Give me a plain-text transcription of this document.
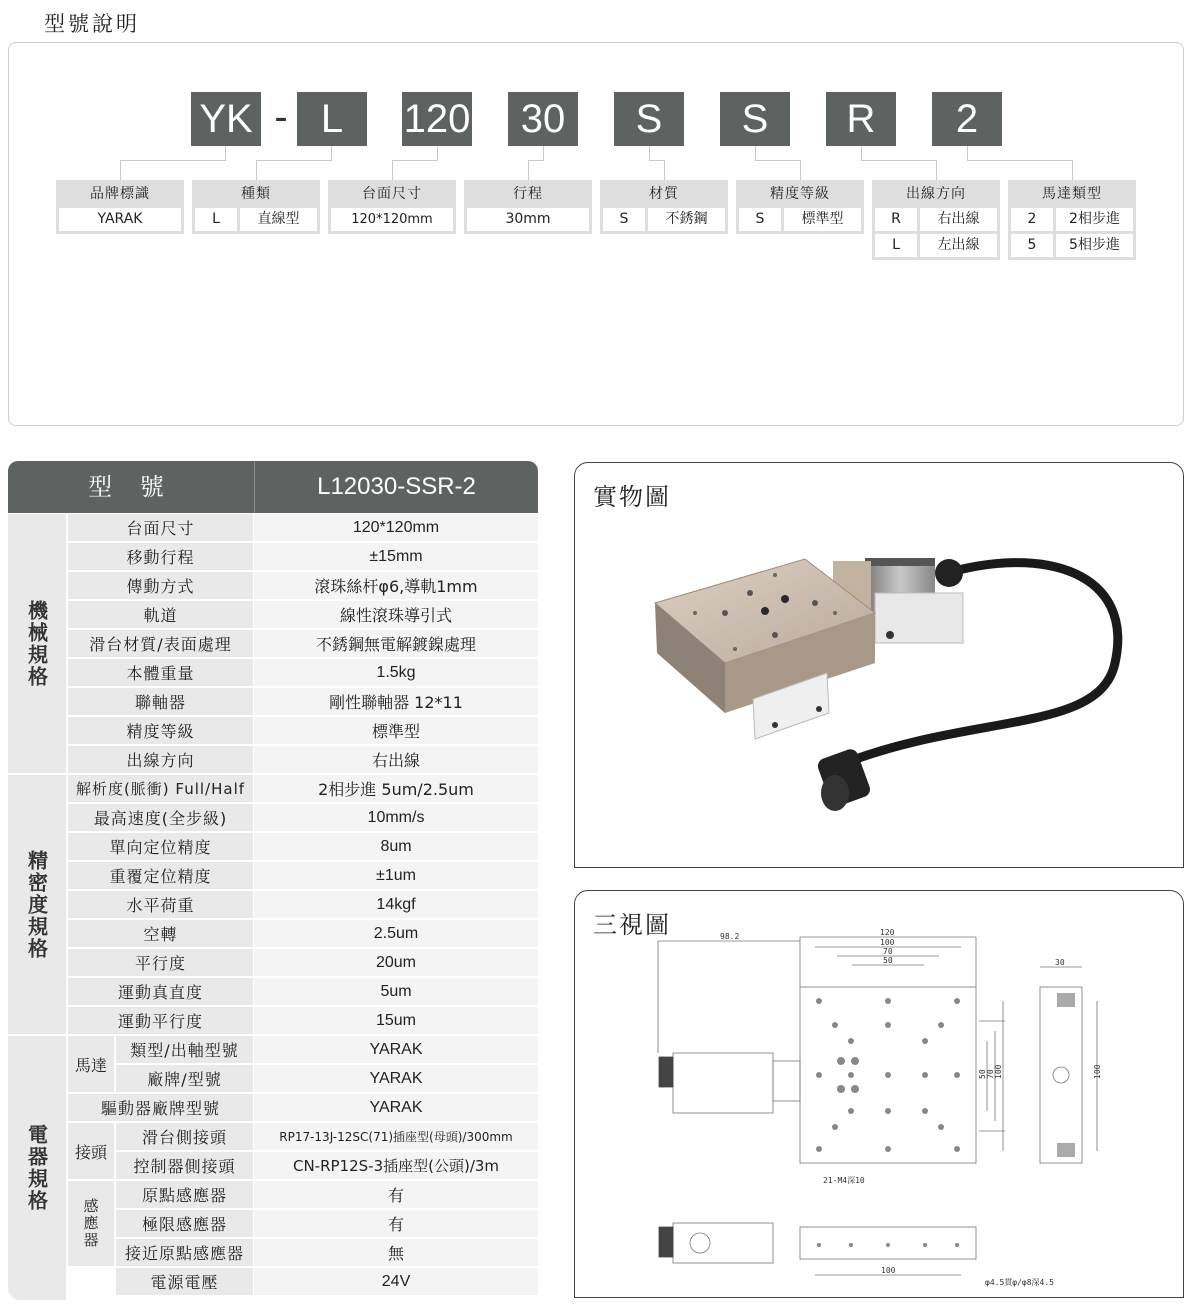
型號說明
YK - L	120	30	S	S	R	2
品牌標識
YARAK
種類
L	直線型
台面尺寸
120*120mm
行程
30mm
材質
S	不銹鋼
精度等級
S	標準型
出線方向
R	右出線
L	左出線
馬達類型
2	2相步進
5	5相步進
型 號	L12030-SSR-2
機械規格
精密度規格
電器規格
台面尺寸	120*120mm
移動行程	±15mm
傳動方式	滾珠絲杆φ6,導軌1mm
軌道	線性滾珠導引式
滑台材質/表面處理	不銹鋼無電解鍍鎳處理
本體重量	1.5kg
聯軸器	剛性聯軸器 12*11
精度等級	標準型
出線方向	右出線
解析度(脈衝) Full/Half	2相步進 5um/2.5um
最高速度(全步級)	10mm/s
單向定位精度	8um
重覆定位精度	±1um
水平荷重	14kgf
空轉	2.5um
平行度	20um
運動真直度	5um
運動平行度	15um
馬達
類型/出軸型號	YARAK
廠牌/型號	YARAK
驅動器廠牌型號	YARAK
接頭
滑台側接頭	RP17-13J-12SC(71)插座型(母頭)/300mm
控制器側接頭	CN-RP12S-3插座型(公頭)/3m
感應器
原點感應器	有
極限感應器	有
接近原點感應器	無
電源電壓	24V
實物圖
三視圖	98.2	120
100
70
50	30
100
50 70 100
100
21-M4深10
φ4.5貫φ/φ8深4.5
